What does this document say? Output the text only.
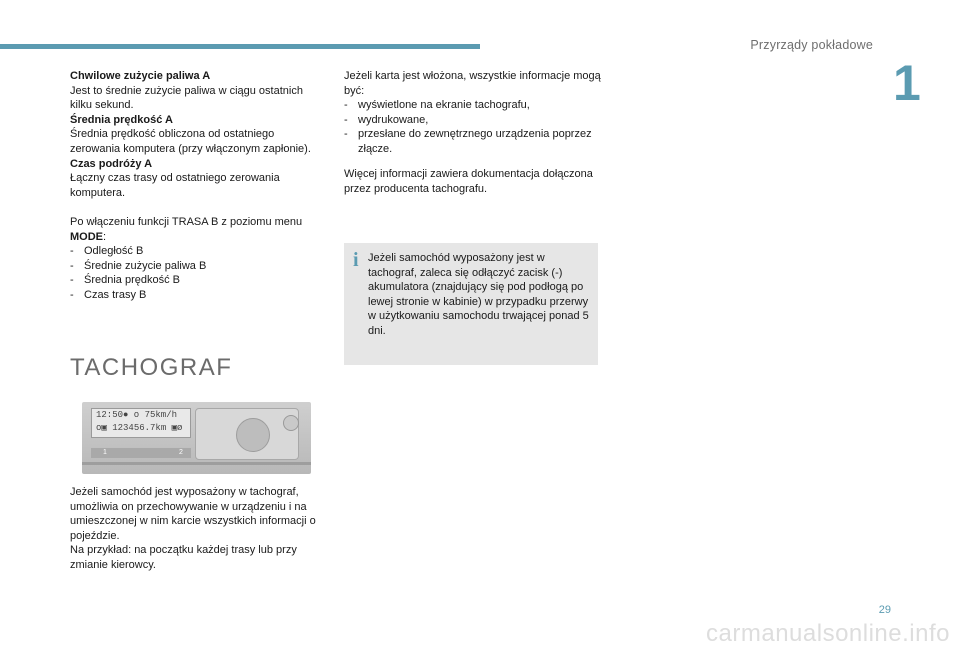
Przyrządy pokładowe
1

Chwilowe zużycie paliwa A

Jest to średnie zużycie paliwa w ciągu ostatnich kilku sekund.

Średnia prędkość A

Średnia prędkość obliczona od ostatniego zerowania komputera (przy włączonym zapłonie).

Czas podróży A

Łączny czas trasy od ostatniego zerowania komputera.

Po włączeniu funkcji TRASA B z poziomu menu
MODE:

- Odległość B
- Średnie zużycie paliwa B
- Średnia prędkość B
- Czas trasy B
TACHOGRAF
12:50● o 75km/h
o▣ 123456.7km ▣ø
1	2

Jeżeli samochód jest wyposażony w tachograf, umożliwia on przechowywanie w urządzeniu i na umieszczonej w nim karcie wszystkich informacji o pojeździe.

Na przykład: na początku każdej trasy lub przy zmianie kierowcy.

Jeżeli karta jest włożona, wszystkie informacje mogą być:

- wyświetlone na ekranie tachografu,
- wydrukowane,
- przesłane do zewnętrznego urządzenia poprzez złącze.
Więcej informacji zawiera dokumentacja dołączona przez producenta tachografu.
i Jeżeli samochód wyposażony jest w tachograf, zaleca się odłączyć zacisk (-) akumulatora (znajdujący się pod podłogą po lewej stronie w kabinie) w przypadku przerwy w użytkowaniu samochodu trwającej ponad 5 dni.
29
carmanualsonline.info
